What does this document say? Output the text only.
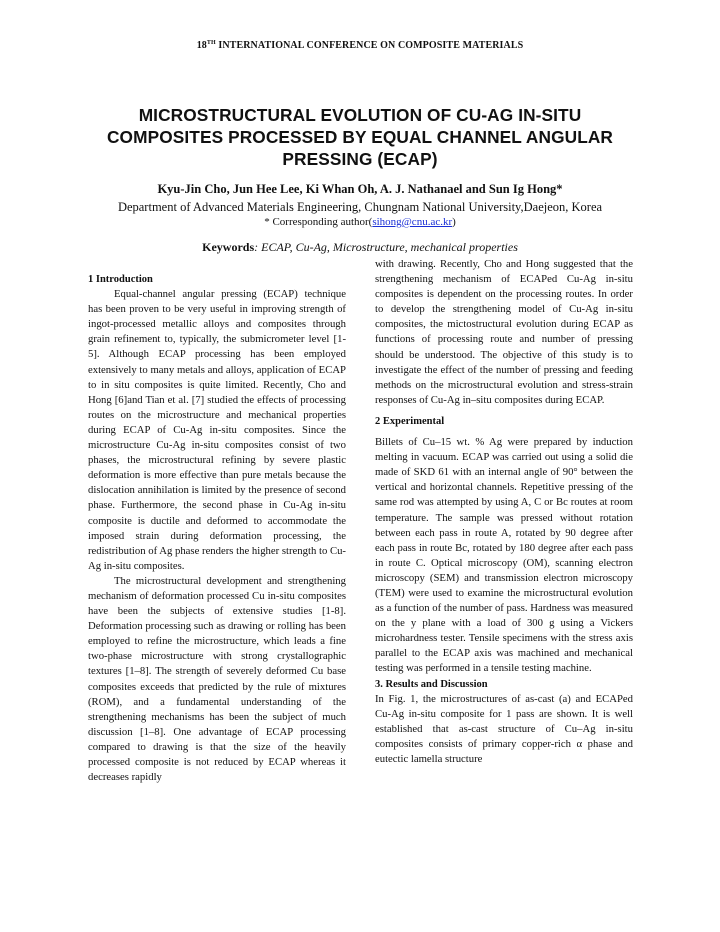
18TH INTERNATIONAL CONFERENCE ON COMPOSITE MATERIALS
MICROSTRUCTURAL EVOLUTION OF CU-AG IN-SITU COMPOSITES PROCESSED BY EQUAL CHANNEL ANGULAR PRESSING (ECAP)
Kyu-Jin Cho, Jun Hee Lee, Ki Whan Oh, A. J. Nathanael and Sun Ig Hong*
Department of Advanced Materials Engineering, Chungnam National University,Daejeon, Korea
* Corresponding author(sihong@cnu.ac.kr)
Keywords: ECAP, Cu-Ag, Microstructure, mechanical properties

1 Introduction

Equal-channel angular pressing (ECAP) technique has been proven to be very useful in improving strength of ingot-processed metallic alloys and composites through grain refinement to, typically, the submicrometer level [1-5]. Although ECAP processing has been employed extensively to many metals and alloys, application of ECAP to in situ composites is quite limited. Recently, Cho and Hong [6]and Tian et al. [7] studied the effects of processing routes on the microstructure and mechanical properties during ECAP of Cu-Ag in-situ composites. Since the microstructure Cu-Ag in-situ composites consist of two phases, the microstructural refining by severe plastic deformation is more effective than pure metals because the dislocation annihilation is limited by the presence of second phase. Furthermore, the second phase in Cu-Ag in-situ composite is ductile and deformed to accommodate the imposed strain during deformation processing, the redistribution of Ag phase renders the higher strength to Cu-Ag in-situ composites.

The microstructural development and strengthening mechanism of deformation processed Cu in-situ composites have been the subjects of extensive studies [1-8]. Deformation processing such as drawing or rolling has been employed to refine the microstructure, which leads a fine two-phase microstructure with strong crystallographic textures [1–8]. The strength of severely deformed Cu base composites exceeds that predicted by the rule of mixtures (ROM), and a fundamental understanding of the strengthening mechanisms has been the subject of much discussion [1–8]. One advantage of ECAP processing compared to drawing is that the size of the heavily processed composite is not reduced by ECAP whereas it decreases rapidly

with drawing. Recently, Cho and Hong suggested that the strengthening mechanism of ECAPed Cu-Ag in-situ composites is dependent on the processing routes. In order to develop the strengthening model of Cu-Ag in-situ composites, the mictostructural evolution during ECAP as functions of processing route and number of pressing should be understood. The objective of this study is to investigate the effect of the number of pressing and feeding methods on the microstructural evolution and stress-strain responses of Cu-Ag in–situ composites during ECAP.

2 Experimental

Billets of Cu–15 wt. % Ag were prepared by induction melting in vacuum. ECAP was carried out using a solid die made of SKD 61 with an internal angle of 90° between the vertical and horizontal channels. Repetitive pressing of the same rod was attempted by using A, C or Bc routes at room temperature. The sample was pressed without rotation between each pass in route A, rotated by 90 degree after each pass in route Bc, rotated by 180 degree after each pass in route C. Optical microscopy (OM), scanning electron microscopy (SEM) and transmission electron microscopy (TEM) were used to examine the microstructural evolution as a function of the number of pass. Hardness was measured on the y plane with a load of 300 g using a Vickers microhardness tester. Tensile specimens with the stress axis parallel to the ECAP axis was machined and mechanical testing was performed in a tensile testing machine.

3. Results and Discussion

In Fig. 1, the microstructures of as-cast (a) and ECAPed Cu-Ag in-situ composite for 1 pass are shown. It is well established that as-cast structure of Cu–Ag in-situ composites consists of primary copper-rich α phase and eutectic lamella structure
